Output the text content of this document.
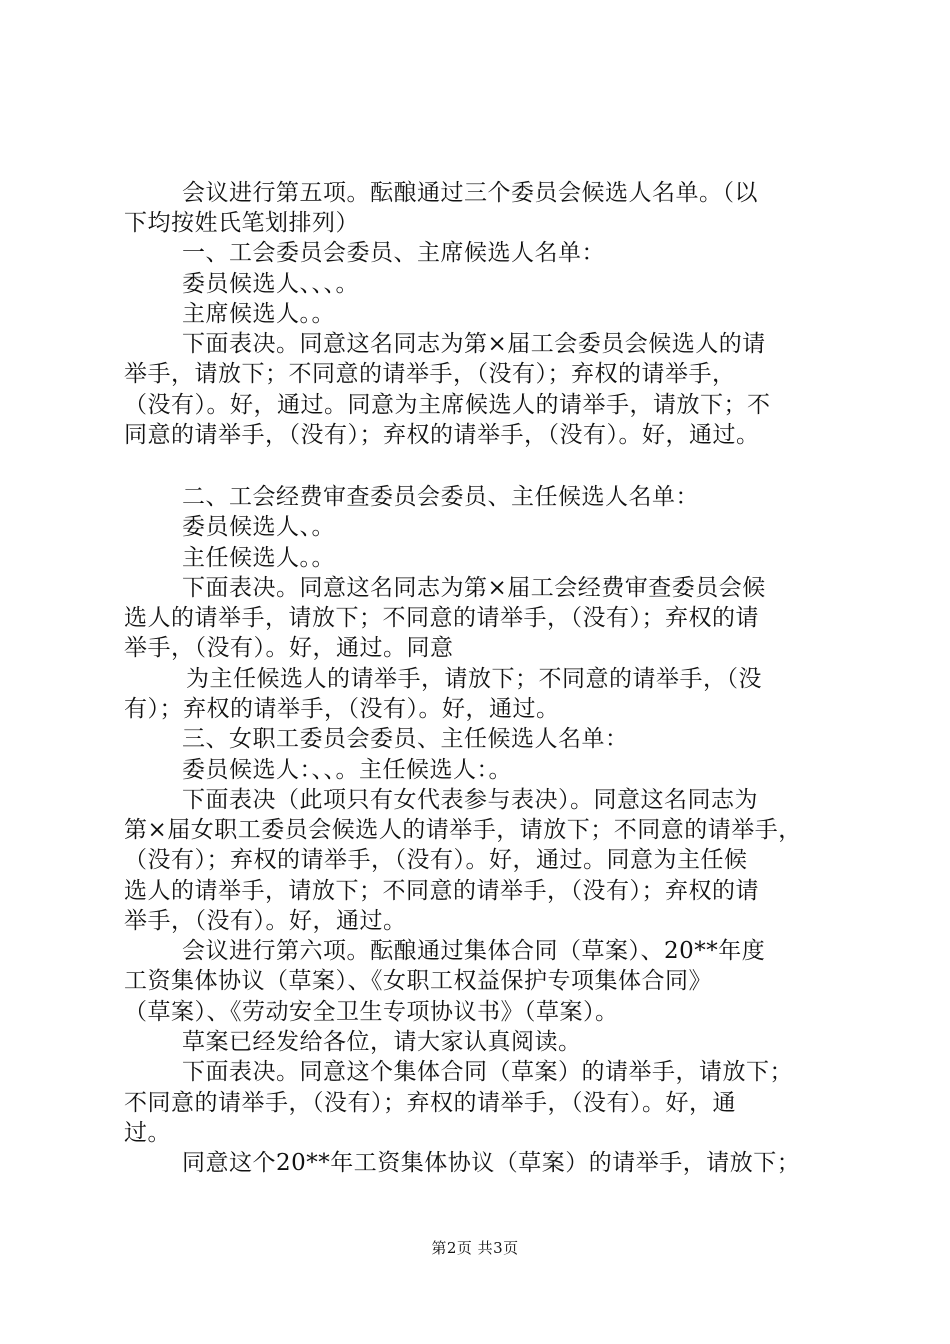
会议进行第五项。酝酿通过三个委员会候选人名单。（以
下均按姓氏笔划排列）
一、工会委员会委员、主席候选人名单：
委员候选人、、、。
主席候选人。。
下面表决。同意这名同志为第×届工会委员会候选人的请
举手，请放下；不同意的请举手，（没有）；弃权的请举手，
（没有）。好，通过。同意为主席候选人的请举手，请放下；不
同意的请举手，（没有）；弃权的请举手，（没有）。好，通过。
二、工会经费审查委员会委员、主任候选人名单：
委员候选人、。
主任候选人。。
下面表决。同意这名同志为第×届工会经费审查委员会候
选人的请举手，请放下；不同意的请举手，（没有）；弃权的请
举手，（没有）。好，通过。同意
为主任候选人的请举手，请放下；不同意的请举手，（没
有）；弃权的请举手，（没有）。好，通过。
三、女职工委员会委员、主任候选人名单：
委员候选人：、、。主任候选人：。
下面表决（此项只有女代表参与表决）。同意这名同志为
第×届女职工委员会候选人的请举手，请放下；不同意的请举手，
（没有）；弃权的请举手，（没有）。好，通过。同意为主任候
选人的请举手，请放下；不同意的请举手，（没有）；弃权的请
举手，（没有）。好，通过。
会议进行第六项。酝酿通过集体合同（草案）、20**年度
工资集体协议（草案）、《女职工权益保护专项集体合同》
（草案）、《劳动安全卫生专项协议书》（草案）。
草案已经发给各位，请大家认真阅读。
下面表决。同意这个集体合同（草案）的请举手，请放下；
不同意的请举手，（没有）；弃权的请举手，（没有）。好，通
过。
同意这个20**年工资集体协议（草案）的请举手，请放下；
第2页 共3页
